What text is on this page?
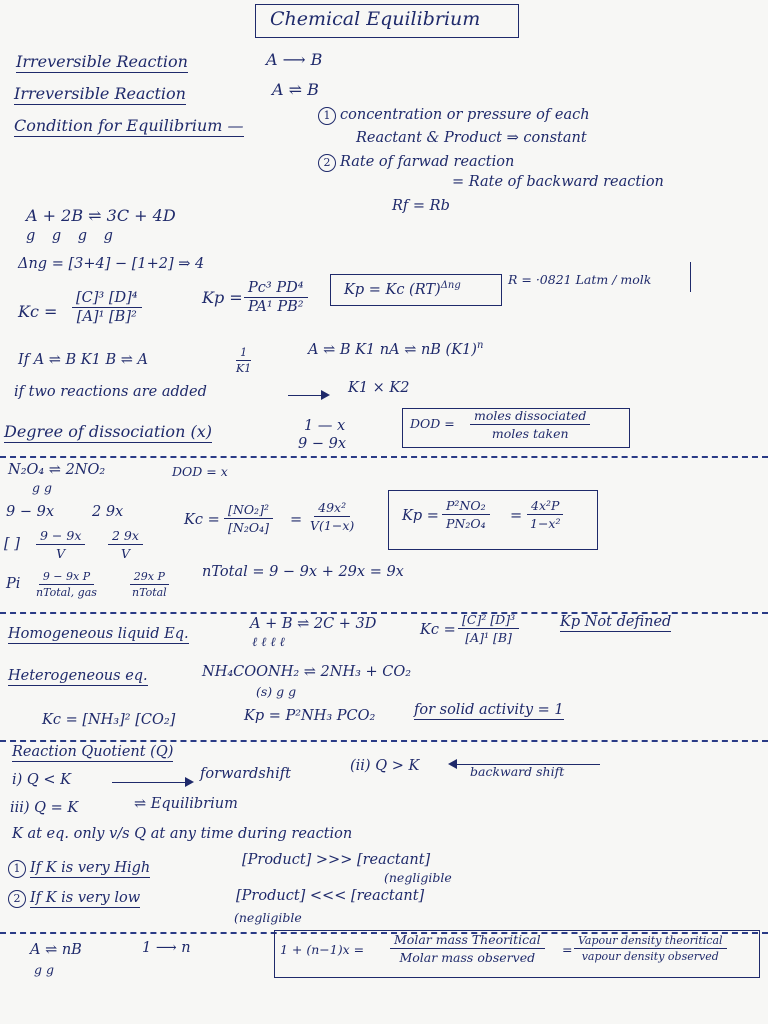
Chemical Equilibrium
Irreversible Reaction	A ⟶ B
Irreversible Reaction	A ⇌ B
Condition for Equilibrium —
1 concentration or pressure of each
Reactant & Product ⇒ constant
2 Rate of farwad reaction
= Rate of backward reaction
Rf = Rb
A + 2B ⇌ 3C + 4D
g g g g
Δng = [3+4] − [1+2] ⇒ 4
$Kc = \frac{\text{[C]³ [D]⁴}}{\text{[A]¹ [B]²}}$	$Kp = \frac{\text{Pc³ PD⁴}}{\text{PA¹ PB²}}$	Kp = Kc (RT)$^{\Delta ng}$	R = ·0821 Latm / molk
If A ⇌ B K1 B ⇌ A	$\frac{1}{K1}$	A ⇌ B K1 nA ⇌ nB $(K1)^n$
if two reactions are added	K1 × K2
Degree of dissociation (x)	1 — x
9 − 9x
DOD =
moles dissociated
moles taken
N₂O₄ ⇌ 2NO₂
g g
DOD = x
9 − 9x	2 9x
[ ] $\frac{9 - 9x}{V} \frac{2 9x}{V}$
$Kc = \frac{\text{[NO₂]²}}{\text{[N₂O₄]}} = \frac{\text{49x²}}{V(1-x)}$	$Kp = \frac{\text{P²NO₂}}{\text{PN₂O₄}} = \frac{\text{4x²P}}{\text{1−x²}}$
Pi	9 − 9x P
nTotal, gas
29x P
nTotal
nTotal = 9 − 9x + 29x = 9x
Homogeneous liquid Eq.
A + B ⇌ 2C + 3D
ℓ ℓ ℓ ℓ
$Kc = \frac{\text{[C]² [D]³}}{\text{[A]¹ [B]}}$	Kp Not defined
Heterogeneous eq.	NH₄COONH₂ ⇌ 2NH₃ + CO₂
(s) g g
Kc = [NH₃]² [CO₂]	Kp = P²NH₃ PCO₂	for solid activity = 1
Reaction Quotient (Q)
i) Q < K	forwardshift	(ii) Q > K	backward shift
iii) Q = K	⇌ Equilibrium
K at eq. only v/s Q at any time during reaction
1 If K is very High	[Product] >>> [reactant]
(negligible
2 If K is very low	[Product] <<< [reactant]
(negligible
A ⇌ nB
g g
1 ⟶ n	1 + (n−1)x =
Molar mass Theoritical
Molar mass observed
=
Vapour density theoritical
vapour density observed
